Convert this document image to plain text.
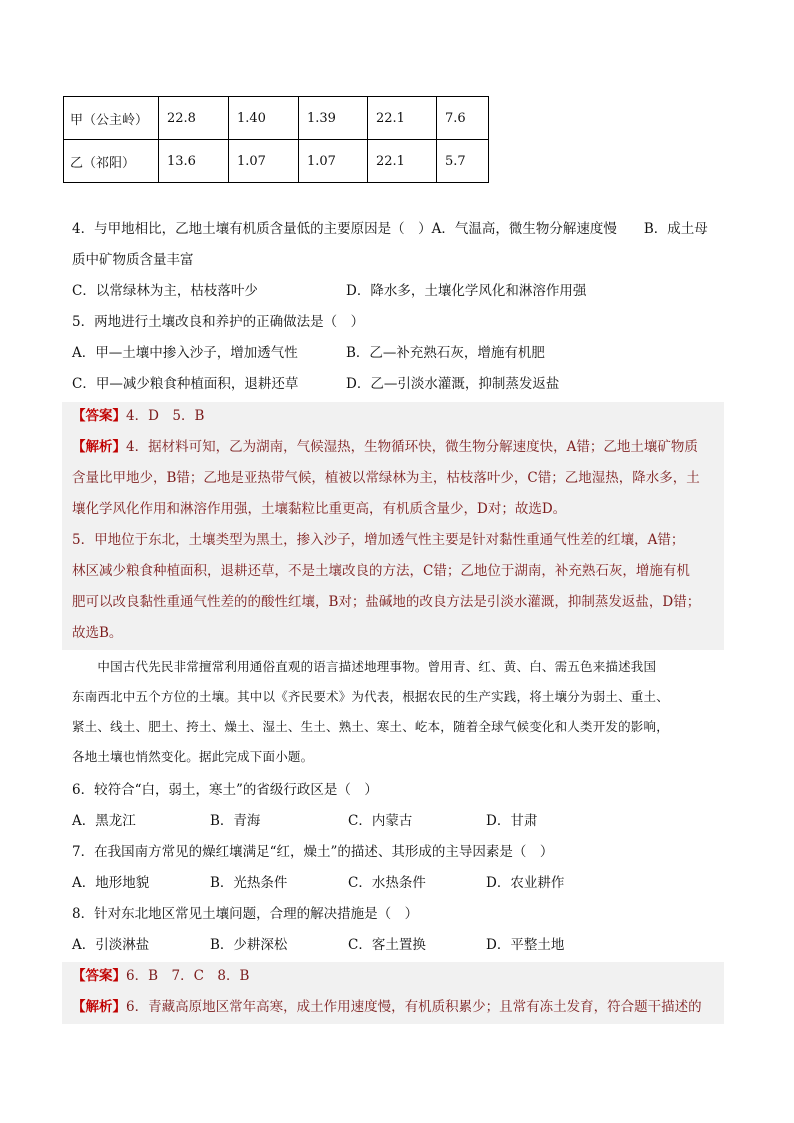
甲（公主岭）	22.8	1.40	1.39	22.1	7.6
乙（祁阳）	13.6	1.07	1.07	22.1	5.7
4．与甲地相比，乙地土壤有机质含量低的主要原因是（　）A．气温高，微生物分解速度慢　　B．成土母
质中矿物质含量丰富
C．以常绿林为主，枯枝落叶少	D．降水多，土壤化学风化和淋溶作用强
5．两地进行土壤改良和养护的正确做法是（　）
A．甲—土壤中掺入沙子，增加透气性	B．乙—补充熟石灰，增施有机肥
C．甲—减少粮食种植面积，退耕还草	D．乙—引淡水灌溉，抑制蒸发返盐
【答案】4．D　5．B
【解析】4．据材料可知，乙为湖南，气候湿热，生物循环快，微生物分解速度快，A错；乙地土壤矿物质
含量比甲地少，B错；乙地是亚热带气候，植被以常绿林为主，枯枝落叶少，C错；乙地湿热，降水多，土
壤化学风化作用和淋溶作用强，土壤黏粒比重更高，有机质含量少，D对；故选D。
5．甲地位于东北，土壤类型为黑土，掺入沙子，增加透气性主要是针对黏性重通气性差的红壤，A错；
林区减少粮食种植面积，退耕还草，不是土壤改良的方法，C错；乙地位于湖南，补充熟石灰，增施有机
肥可以改良黏性重通气性差的的酸性红壤，B对；盐碱地的改良方法是引淡水灌溉，抑制蒸发返盐，D错；
故选B。
　　中国古代先民非常擅常利用通俗直观的语言描述地理事物。曾用青、红、黄、白、需五色来描述我国
东南西北中五个方位的土壤。其中以《齐民要术》为代表，根据农民的生产实践，将土壤分为弱土、重土、
紧土、线土、肥土、挎土、燥土、湿土、生土、熟土、寒土、屹本，随着全球气候变化和人类开发的影响，
各地土壤也悄然变化。据此完成下面小题。
6．较符合“白，弱土，寒土”的省级行政区是（　）
A．黑龙江	B．青海	C．内蒙古	D．甘肃
7．在我国南方常见的燥红壤满足“红，燥土”的描述、其形成的主导因素是（　）
A．地形地貌	B．光热条件	C．水热条件	D．农业耕作
8．针对东北地区常见土壤问题，合理的解决措施是（　）
A．引淡淋盐	B．少耕深松	C．客土置换	D．平整土地
【答案】6．B　7．C　8．B
【解析】6．青藏高原地区常年高寒，成土作用速度慢，有机质积累少；且常有冻土发育，符合题干描述的
